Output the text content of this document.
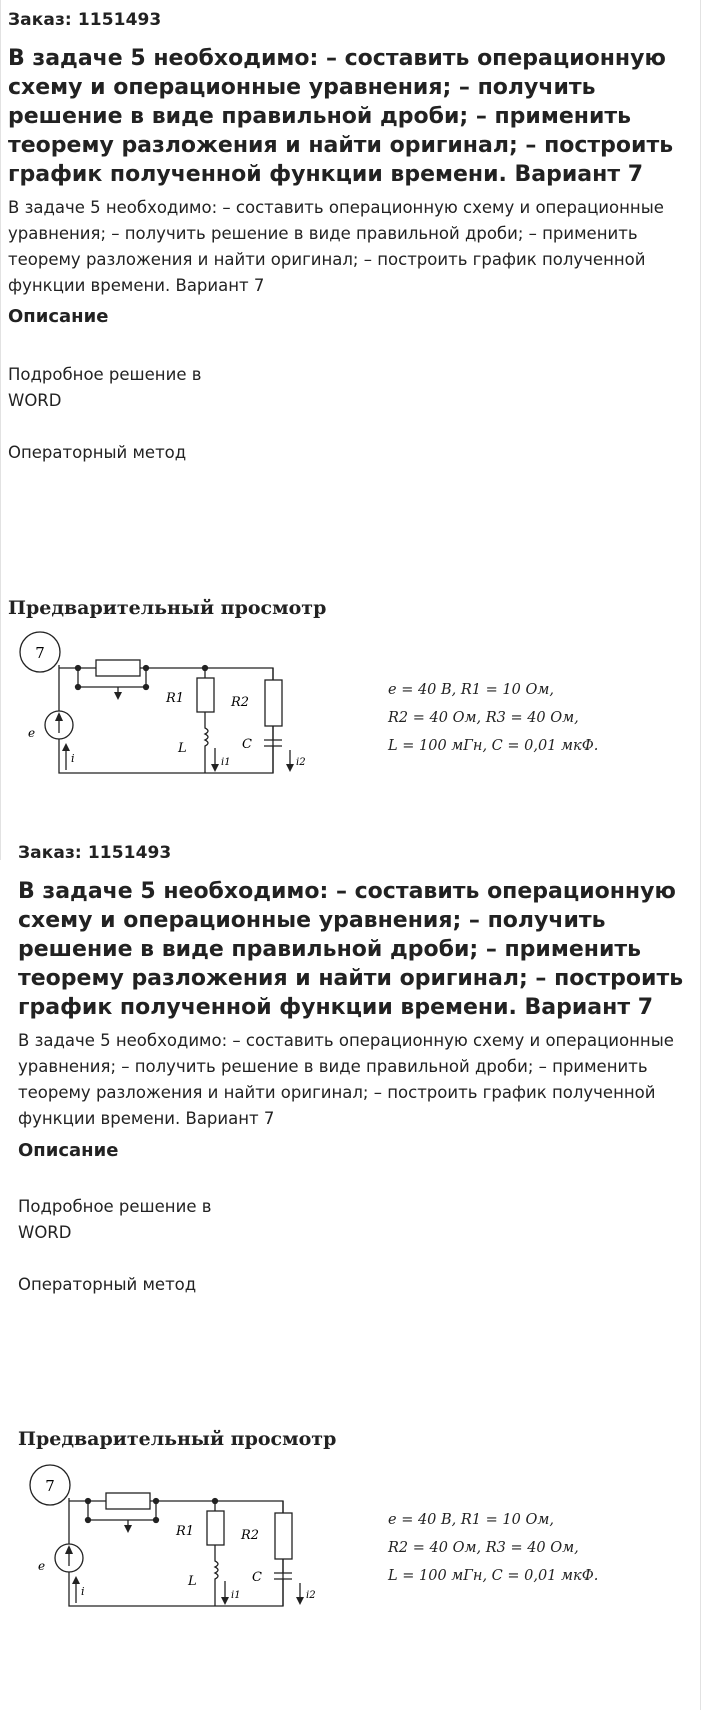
Заказ: 1151493

В задаче 5 необходимо: – составить операционную схему и операционные уравнения; – получить решение в виде правильной дроби; – применить теорему разложения и найти оригинал; – построить график полученной функции времени. Вариант 7

В задаче 5 необходимо: – составить операционную схему и операционные уравнения; – получить решение в виде правильной дроби; – применить теорему разложения и найти оригинал; – построить график полученной функции времени. Вариант 7

Описание

Подробное решение в WORD

Операторный метод

Предварительный просмотр

7
e
i
R1	R2
L	C
i1	i2
e = 40 В, R1 = 10 Ом,
R2 = 40 Ом, R3 = 40 Ом,
L = 100 мГн, C = 0,01 мкФ.

Заказ: 1151493

В задаче 5 необходимо: – составить операционную схему и операционные уравнения; – получить решение в виде правильной дроби; – применить теорему разложения и найти оригинал; – построить график полученной функции времени. Вариант 7

В задаче 5 необходимо: – составить операционную схему и операционные уравнения; – получить решение в виде правильной дроби; – применить теорему разложения и найти оригинал; – построить график полученной функции времени. Вариант 7

Описание

Подробное решение в WORD

Операторный метод

Предварительный просмотр

7
e
i
R1	R2
L	C
i1	i2
e = 40 В, R1 = 10 Ом,
R2 = 40 Ом, R3 = 40 Ом,
L = 100 мГн, C = 0,01 мкФ.
